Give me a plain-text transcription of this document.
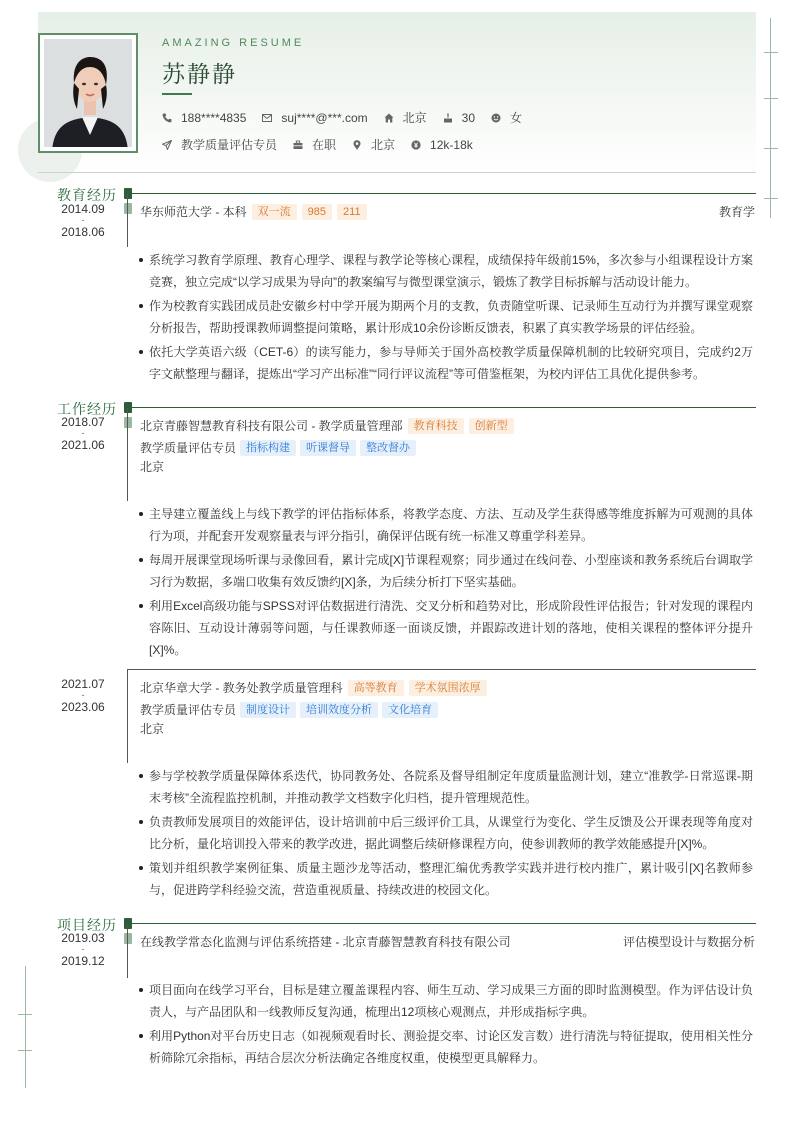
AMAZING RESUME
苏静静
188****4835	suj****@***.com	北京	30	女
教学质量评估专员	在职	北京	12k-18k
教育经历
2014.09
-
2018.06
华东师范大学 - 本科	双一流	985	211	教育学
系统学习教育学原理、教育心理学、课程与教学论等核心课程，成绩保持年级前15%，多次参与小组课程设计方案竞赛，独立完成“以学习成果为导向”的教案编写与微型课堂演示，锻炼了教学目标拆解与活动设计能力。
作为校教育实践团成员赴安徽乡村中学开展为期两个月的支教，负责随堂听课、记录师生互动行为并撰写课堂观察分析报告，帮助授课教师调整提问策略，累计形成10余份诊断反馈表，积累了真实教学场景的评估经验。
依托大学英语六级（CET-6）的读写能力，参与导师关于国外高校教学质量保障机制的比较研究项目，完成约2万字文献整理与翻译，提炼出“学习产出标准”“同行评议流程”等可借鉴框架，为校内评估工具优化提供参考。
工作经历
2018.07
-
2021.06
北京青藤智慧教育科技有限公司 - 教学质量管理部	教育科技	创新型
教学质量评估专员 指标构建	听课督导	整改督办
北京
主导建立覆盖线上与线下教学的评估指标体系，将教学态度、方法、互动及学生获得感等维度拆解为可观测的具体行为项，并配套开发观察量表与评分指引，确保评估既有统一标准又尊重学科差异。
每周开展课堂现场听课与录像回看，累计完成[X]节课程观察；同步通过在线问卷、小型座谈和教务系统后台调取学习行为数据，多端口收集有效反馈约[X]条，为后续分析打下坚实基础。
利用Excel高级功能与SPSS对评估数据进行清洗、交叉分析和趋势对比，形成阶段性评估报告；针对发现的课程内容陈旧、互动设计薄弱等问题，与任课教师逐一面谈反馈，并跟踪改进计划的落地，使相关课程的整体评分提升[X]%。
2021.07
-
2023.06
北京华章大学 - 教务处教学质量管理科	高等教育	学术氛围浓厚
教学质量评估专员 制度设计	培训效度分析	文化培育
北京
参与学校教学质量保障体系迭代，协同教务处、各院系及督导组制定年度质量监测计划，建立“准教学-日常巡课-期末考核”全流程监控机制，并推动教学文档数字化归档，提升管理规范性。
负责教师发展项目的效能评估，设计培训前中后三级评价工具，从课堂行为变化、学生反馈及公开课表现等角度对比分析，量化培训投入带来的教学改进，据此调整后续研修课程方向，使参训教师的教学效能感提升[X]%。
策划并组织教学案例征集、质量主题沙龙等活动，整理汇编优秀教学实践并进行校内推广，累计吸引[X]名教师参与，促进跨学科经验交流，营造重视质量、持续改进的校园文化。
项目经历
2019.03
-
2019.12
在线教学常态化监测与评估系统搭建 - 北京青藤智慧教育科技有限公司	评估模型设计与数据分析
项目面向在线学习平台，目标是建立覆盖课程内容、师生互动、学习成果三方面的即时监测模型。作为评估设计负责人，与产品团队和一线教师反复沟通，梳理出12项核心观测点，并形成指标字典。
利用Python对平台历史日志（如视频观看时长、测验提交率、讨论区发言数）进行清洗与特征提取，使用相关性分析筛除冗余指标，再结合层次分析法确定各维度权重，使模型更具解释力。
